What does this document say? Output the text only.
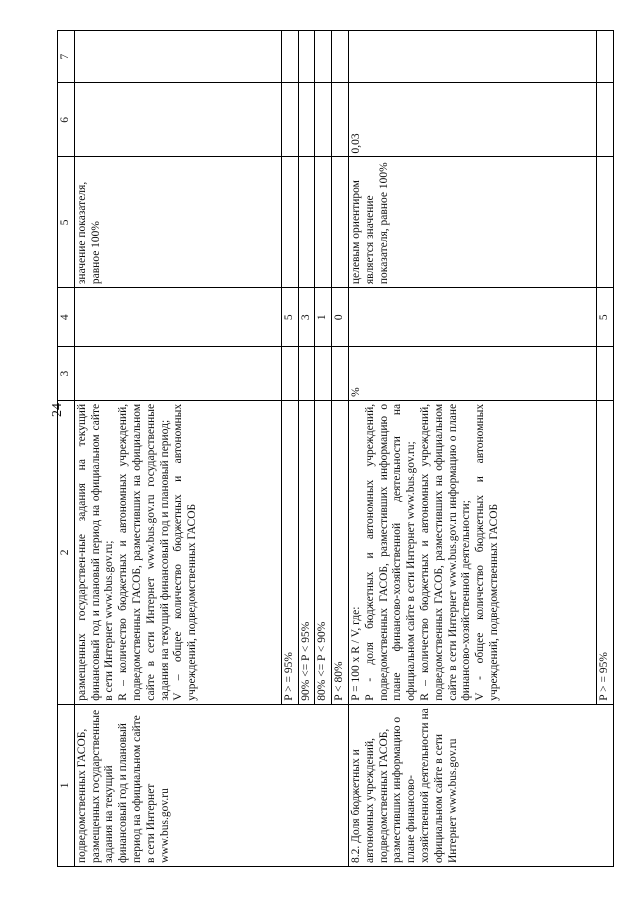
24
1	2	3	4	5	6	7
подведомственных ГАСОБ, размещенных государственные задания на текущий финансовый год и плановый период на официальном сайте в сети Интернет www.bus.gov.ru	размещенных государствен-ные задания на текущий финансовый год и плановый период на официальном сайте в сети Интернет www.bus.gov.ru; R – количество бюджетных и автономных учреждений, подведомственных ГАСОБ, разместивших на официальном сайте в сети Интернет www.bus.gov.ru государственные задания на текущий финансовый год и плановый период; V – общее количество бюджетных и автономных учреждений, подведомственных ГАСОБ			значение показателя, равное 100%		
	P > = 95%		5			
	90% <= P < 95%		3			
	80% <= P < 90%		1			
	P < 80%		0			
8.2. Доля бюджетных и автономных учреждений, подведомственных ГАСОБ, разместивших информацию о плане финансово-хозяйственной деятельности на официальном сайте в сети Интернет www.bus.gov.ru	P = 100 x R / V, где: P - доля бюджетных и автономных учреждений, подведомственных ГАСОБ, разместивших информацию о плане финансово-хозяйственной деятельности на официальном сайте в сети Интернет www.bus.gov.ru; R – количество бюджетных и автономных учреждений, подведомственных ГАСОБ, разместивших на официальном сайте в сети Интернет www.bus.gov.ru информацию о плане финансово-хозяйственной деятельности; V - общее количество бюджетных и автономных учреждений, подведомственных ГАСОБ	%		целевым ориентиром является значение показателя, равное 100%	0,03	
	P > = 95%		5			
